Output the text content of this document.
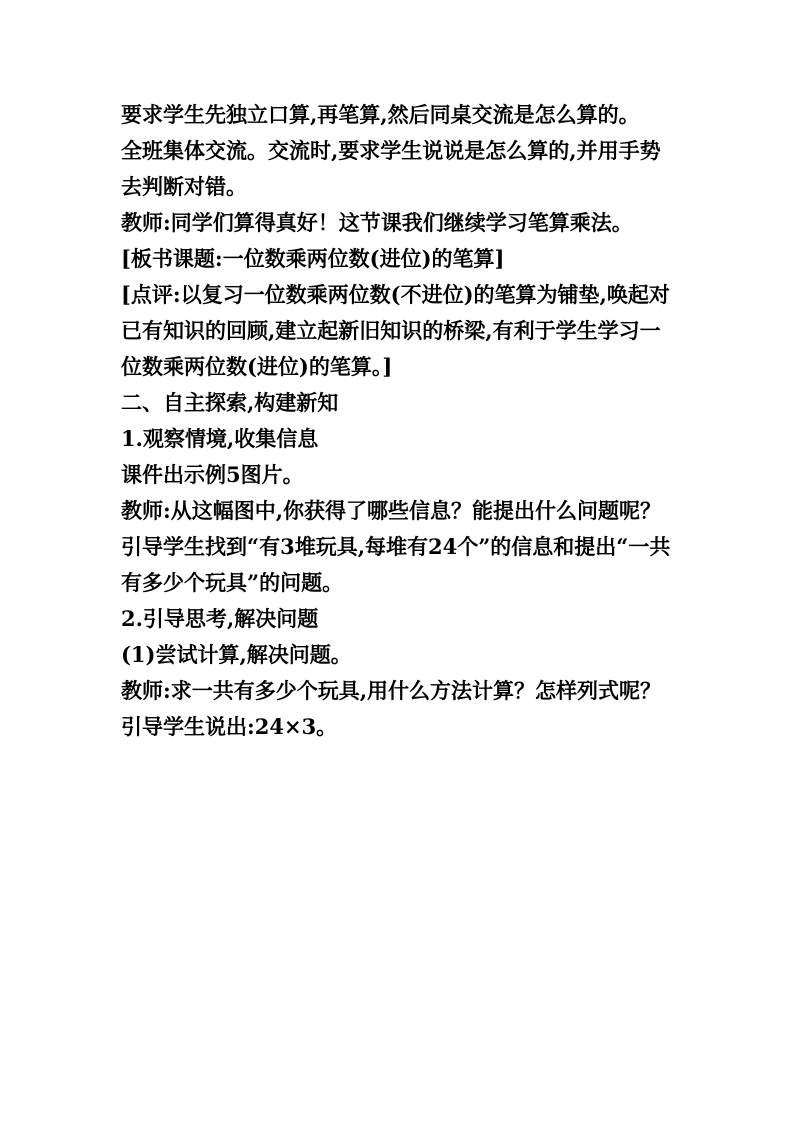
要求学生先独立口算,再笔算,然后同桌交流是怎么算的。

全班集体交流。交流时,要求学生说说是怎么算的,并用手势去判断对错。

教师:同学们算得真好！这节课我们继续学习笔算乘法。

[板书课题:一位数乘两位数(进位)的笔算]

[点评:以复习一位数乘两位数(不进位)的笔算为铺垫,唤起对已有知识的回顾,建立起新旧知识的桥梁,有利于学生学习一位数乘两位数(进位)的笔算。]

二、自主探索,构建新知

1.观察情境,收集信息

课件出示例5图片。

教师:从这幅图中,你获得了哪些信息？能提出什么问题呢？

引导学生找到“有3堆玩具,每堆有24个”的信息和提出“一共有多少个玩具”的问题。

2.引导思考,解决问题

(1)尝试计算,解决问题。

教师:求一共有多少个玩具,用什么方法计算？怎样列式呢？

引导学生说出:24×3。
